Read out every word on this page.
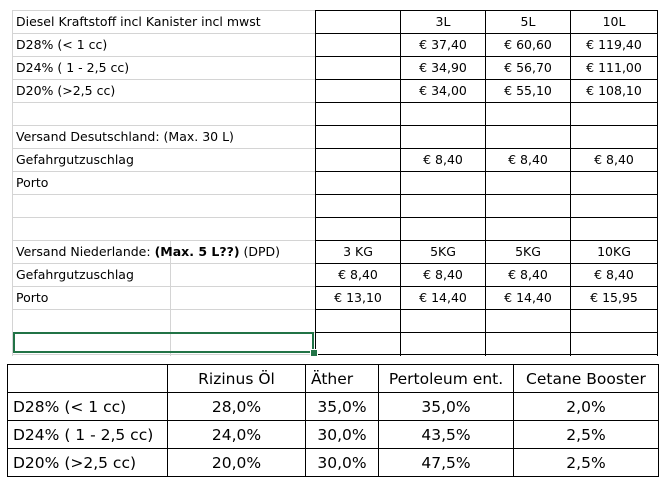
Diesel Kraftstoff incl Kanister incl mwst	3L	5L	10L
D28% (< 1 cc)	€ 37,40	€ 60,60	€ 119,40
D24% ( 1 - 2,5 cc)	€ 34,90	€ 56,70	€ 111,00
D20% (>2,5 cc)	€ 34,00	€ 55,10	€ 108,10
Versand Desutschland: (Max. 30 L)
Gefahrgutzuschlag	€ 8,40	€ 8,40	€ 8,40
Porto
Versand Niederlande: (Max. 5 L??) (DPD)	3 KG	5KG	5KG	10KG
Gefahrgutzuschlag	€ 8,40	€ 8,40	€ 8,40	€ 8,40
Porto	€ 13,10	€ 14,40	€ 14,40	€ 15,95
	Rizinus Öl	Äther	Pertoleum ent.	Cetane Booster
D28% (< 1 cc)	28,0%	35,0%	35,0%	2,0%
D24% ( 1 - 2,5 cc)	24,0%	30,0%	43,5%	2,5%
D20% (>2,5 cc)	20,0%	30,0%	47,5%	2,5%
